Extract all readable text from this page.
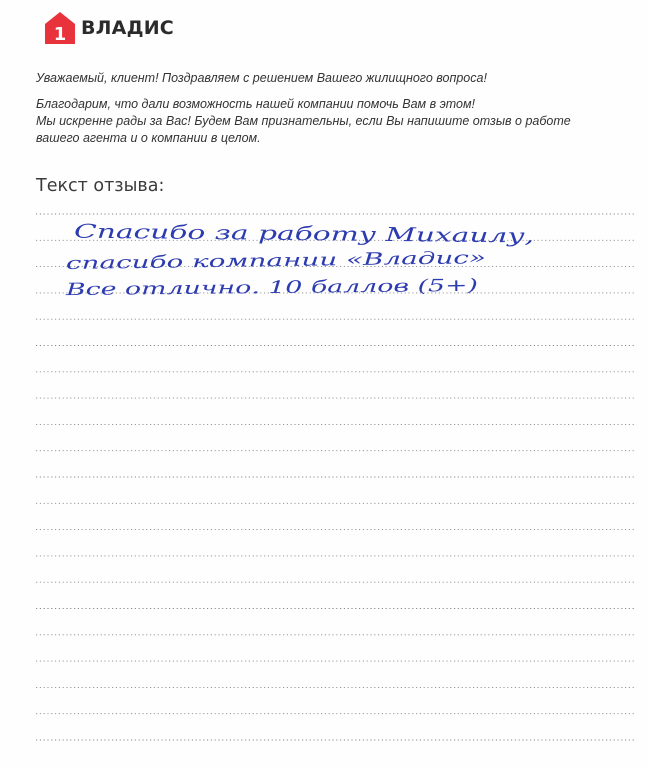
1 ВЛАДИС

Уважаемый, клиент! Поздравляем с решением Вашего жилищного вопроса!

Благодарим, что дали возможность нашей компании помочь Вам в этом!

Мы искренне рады за Вас! Будем Вам признательны, если Вы напишите отзыв о работе

вашего агента и о компании в целом.

Текст отзыва:
Спасибо за работу Михаилу,
спасибо компании «Владис»
Все отлично. 10 баллов (5+)
